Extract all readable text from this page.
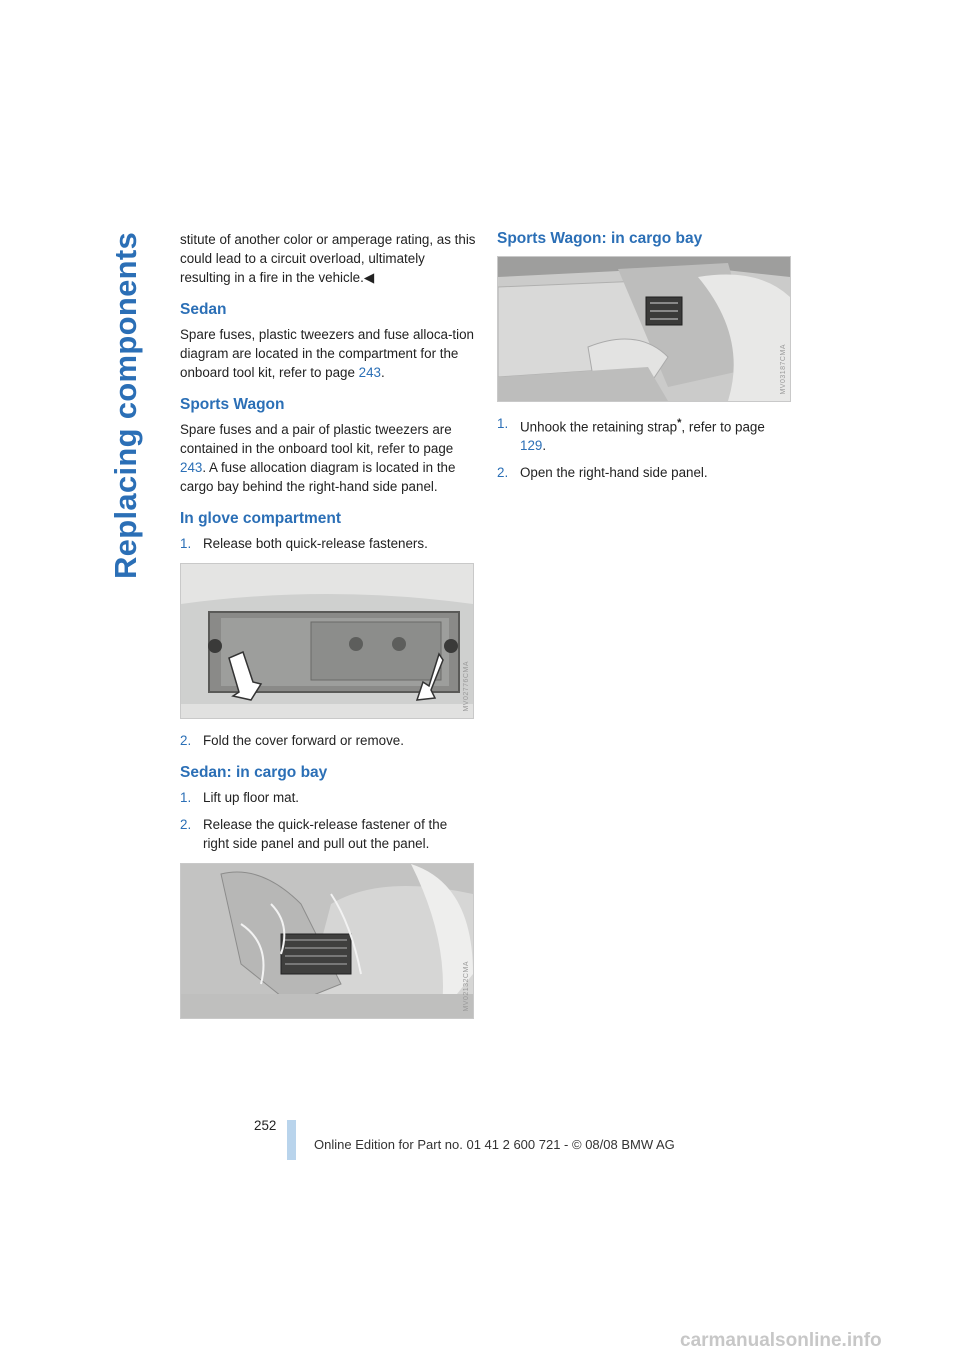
Replacing components	stitute of another color or amperage rating, as this could lead to a circuit overload, ultimately resulting in a fire in the vehicle.◀

Sedan

Spare fuses, plastic tweezers and fuse alloca-tion diagram are located in the compartment for the onboard tool kit, refer to page 243.

Sports Wagon

Spare fuses and a pair of plastic tweezers are contained in the onboard tool kit, refer to page 243. A fuse allocation diagram is located in the cargo bay behind the right-hand side panel.

In glove compartment
1. Release both quick-release fasteners.
MV02776CMA
2. Fold the cover forward or remove.
Sedan: in cargo bay
1. Lift up floor mat.
2. Release the quick-release fastener of the right side panel and pull out the panel.
MV02132CMA
Sports Wagon: in cargo bay
MV03187CMA
1. Unhook the retaining strap*, refer to page 129.
2. Open the right-hand side panel.
252
Online Edition for Part no. 01 41 2 600 721 - © 08/08 BMW AG
carmanualsonline.info
